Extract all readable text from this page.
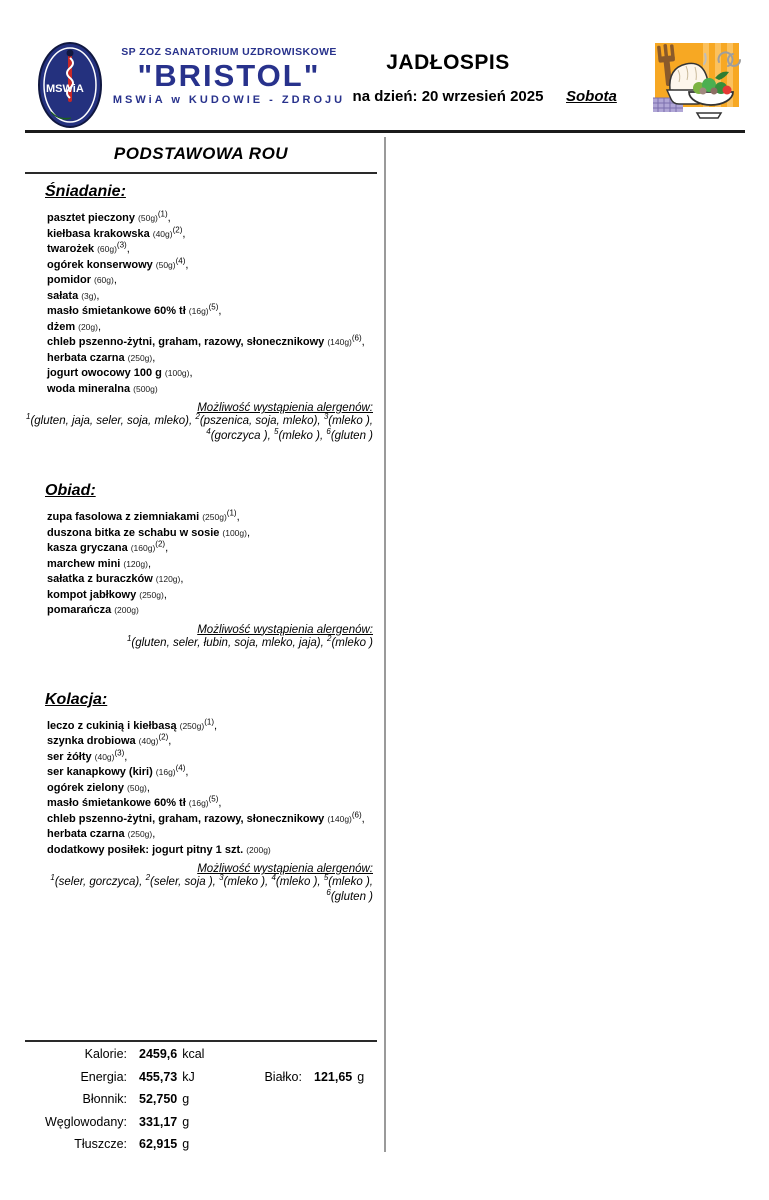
MSWiA
SP ZOZ SANATORIUM UZDROWISKOWE
"BRISTOL"
MSWiA w KUDOWIE - ZDROJU
JADŁOSPIS
na dzień: 20 wrzesień 2025 Sobota
PODSTAWOWA ROU
Śniadanie:
pasztet pieczony $(50g)^{(1)}$,
kiełbasa krakowska $(40g)^{(2)}$,
twarożek $(60g)^{(3)}$,
ogórek konserwowy $(50g)^{(4)}$,
pomidor (60g),
sałata (3g),
masło śmietankowe 60% tł $(16g)^{(5)}$,
dżem (20g),
chleb pszenno-żytni, graham, razowy, słonecznikowy $(140g)^{(6)}$,
herbata czarna (250g),
jogurt owocowy 100 g (100g),
woda mineralna (500g)
Możliwość wystąpienia alergenów:
$^1$(gluten, jaja, seler, soja, mleko), $^2$(pszenica, soja, mleko), $^3$(mleko ),
$^4$(gorczyca ), $^5$(mleko ), $^6$(gluten )
Obiad:
zupa fasolowa z ziemniakami $(250g)^{(1)}$,
duszona bitka ze schabu w sosie (100g),
kasza gryczana $(160g)^{(2)}$,
marchew mini (120g),
sałatka z buraczków (120g),
kompot jabłkowy (250g),
pomarańcza (200g)
Możliwość wystąpienia alergenów:
$^1$(gluten, seler, łubin, soja, mleko, jaja), $^2$(mleko )
Kolacja:
leczo z cukinią i kiełbasą $(250g)^{(1)}$,
szynka drobiowa $(40g)^{(2)}$,
ser żółty $(40g)^{(3)}$,
ser kanapkowy (kiri) $(16g)^{(4)}$,
ogórek zielony (50g),
masło śmietankowe 60% tł $(16g)^{(5)}$,
chleb pszenno-żytni, graham, razowy, słonecznikowy $(140g)^{(6)}$,
herbata czarna (250g),
dodatkowy posiłek: jogurt pitny 1 szt. (200g)
Możliwość wystąpienia alergenów:
$^1$(seler, gorczyca), $^2$(seler, soja ), $^3$(mleko ), $^4$(mleko ), $^5$(mleko ),
$^6$(gluten )
Kalorie: 2459,6 kcal
Energia: 455,73 kJ	Białko: 121,65 g
Błonnik: 52,750 g
Węglowodany: 331,17 g
Tłuszcze: 62,915 g
